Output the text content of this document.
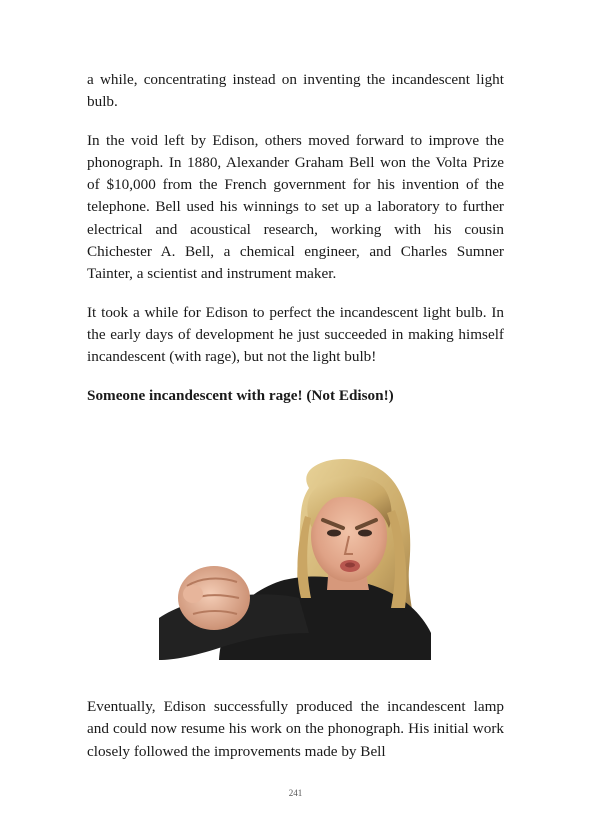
a while, concentrating instead on inventing the incandescent light bulb.

In the void left by Edison, others moved forward to improve the phonograph. In 1880, Alexander Graham Bell won the Volta Prize of $10,000 from the French government for his invention of the telephone. Bell used his winnings to set up a laboratory to further electrical and acoustical research, working with his cousin Chichester A. Bell, a chemical engineer, and Charles Sumner Tainter, a scientist and instrument maker.

It took a while for Edison to perfect the incandescent light bulb. In the early days of development he just succeeded in making himself incandescent (with rage), but not the light bulb!

Someone incandescent with rage! (Not Edison!)

Eventually, Edison successfully produced the incandescent lamp and could now resume his work on the phonograph. His initial work closely followed the improvements made by Bell

241
